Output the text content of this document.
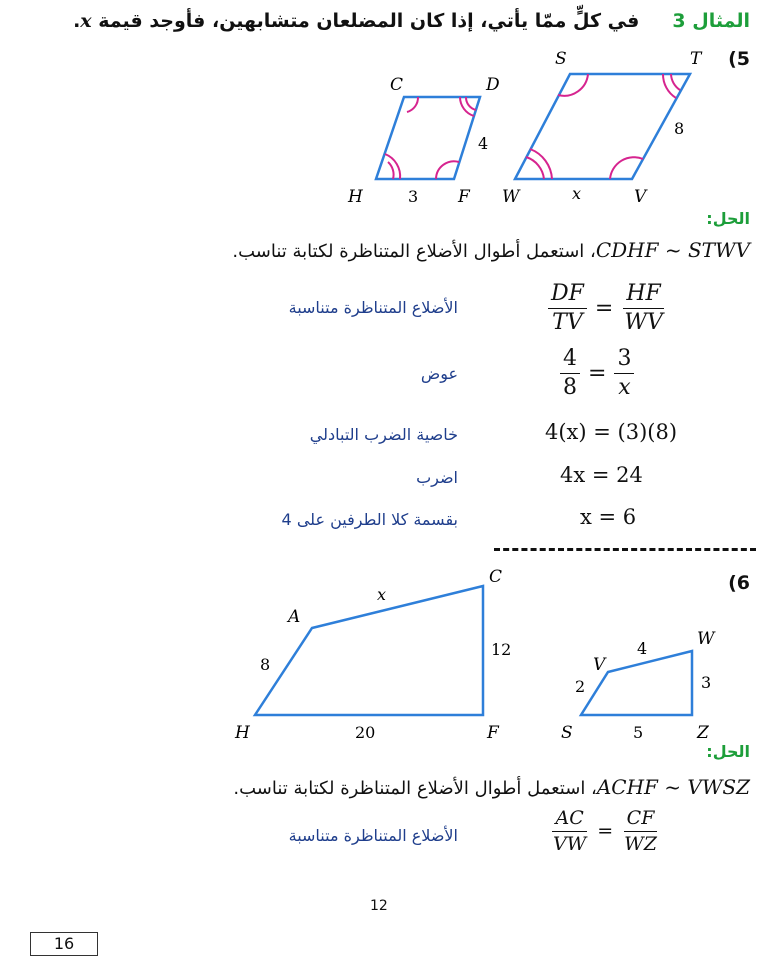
المثال 3     في كلٍّ ممّا يأتي، إذا كان المضلعان متشابهين، فأوجد قيمة x.
(5
C	D
H	F
4
3
S	T
W	V
8
x
الحل:
CDHF ~ STWV، استعمل أطوال الأضلاع المتناظرة لكتابة تناسب.
الأضلاع المتناظرة متناسبة	$\frac{DF}{TV} = \frac{HF}{WV}$
عوض	$\frac{4}{8} = \frac{3}{x}$
خاصية الضرب التبادلي	4(x) = (3)(8)
اضرب	4x = 24
بقسمة كلا الطرفين على 4	x = 6
(6
A
C
H	F
x
8
12
20
V
W
S	Z
4
2	3
5
الحل:
ACHF ~ VWSZ، استعمل أطوال الأضلاع المتناظرة لكتابة تناسب.
الأضلاع المتناظرة متناسبة	$\frac{AC}{VW} = \frac{CF}{WZ}$
12
16
